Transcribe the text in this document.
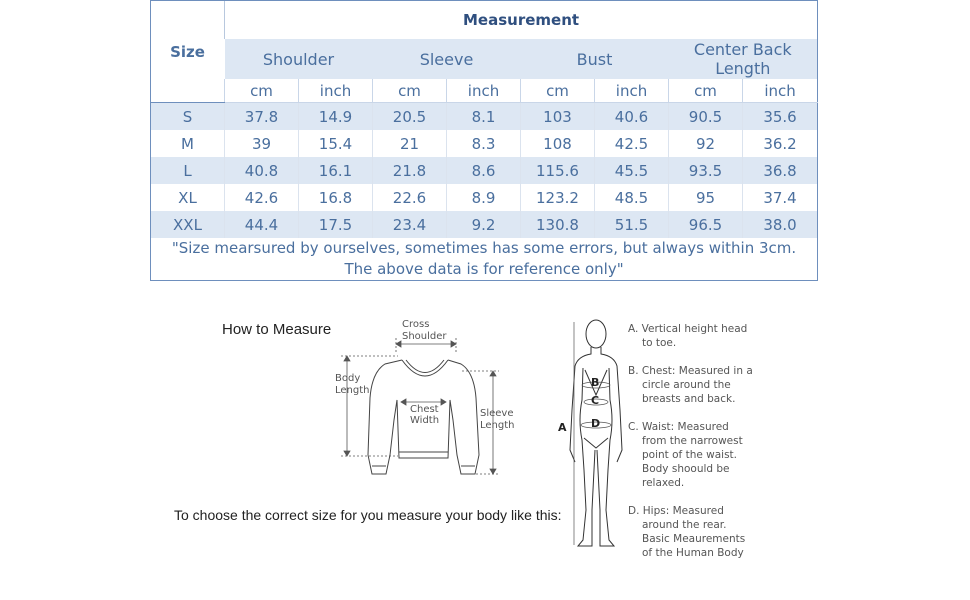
Size	Measurement							
	Shoulder		Sleeve		Bust		Center Back Length	
	cm	inch	cm	inch	cm	inch	cm	inch
S	37.8	14.9	20.5	8.1	103	40.6	90.5	35.6
M	39	15.4	21	8.3	108	42.5	92	36.2
L	40.8	16.1	21.8	8.6	115.6	45.5	93.5	36.8
XL	42.6	16.8	22.6	8.9	123.2	48.5	95	37.4
XXL	44.4	17.5	23.4	9.2	130.8	51.5	96.5	38.0
"Size mearsured by ourselves, sometimes has some errors, but always within 3cm.
The above data is for reference only"								
How to Measure
To choose the correct size for you measure your body like this:
Cross
Shoulder
Body
Length
Chest
Width
Sleeve
Length	A
B
C
D
A. Vertical height head
to toe.
B. Chest: Measured in a
circle around the
breasts and back.
C. Waist: Measured
from the narrowest
point of the waist.
Body shoould be
relaxed.
D. Hips: Measured
around the rear.
Basic Meaurements
of the Human Body
